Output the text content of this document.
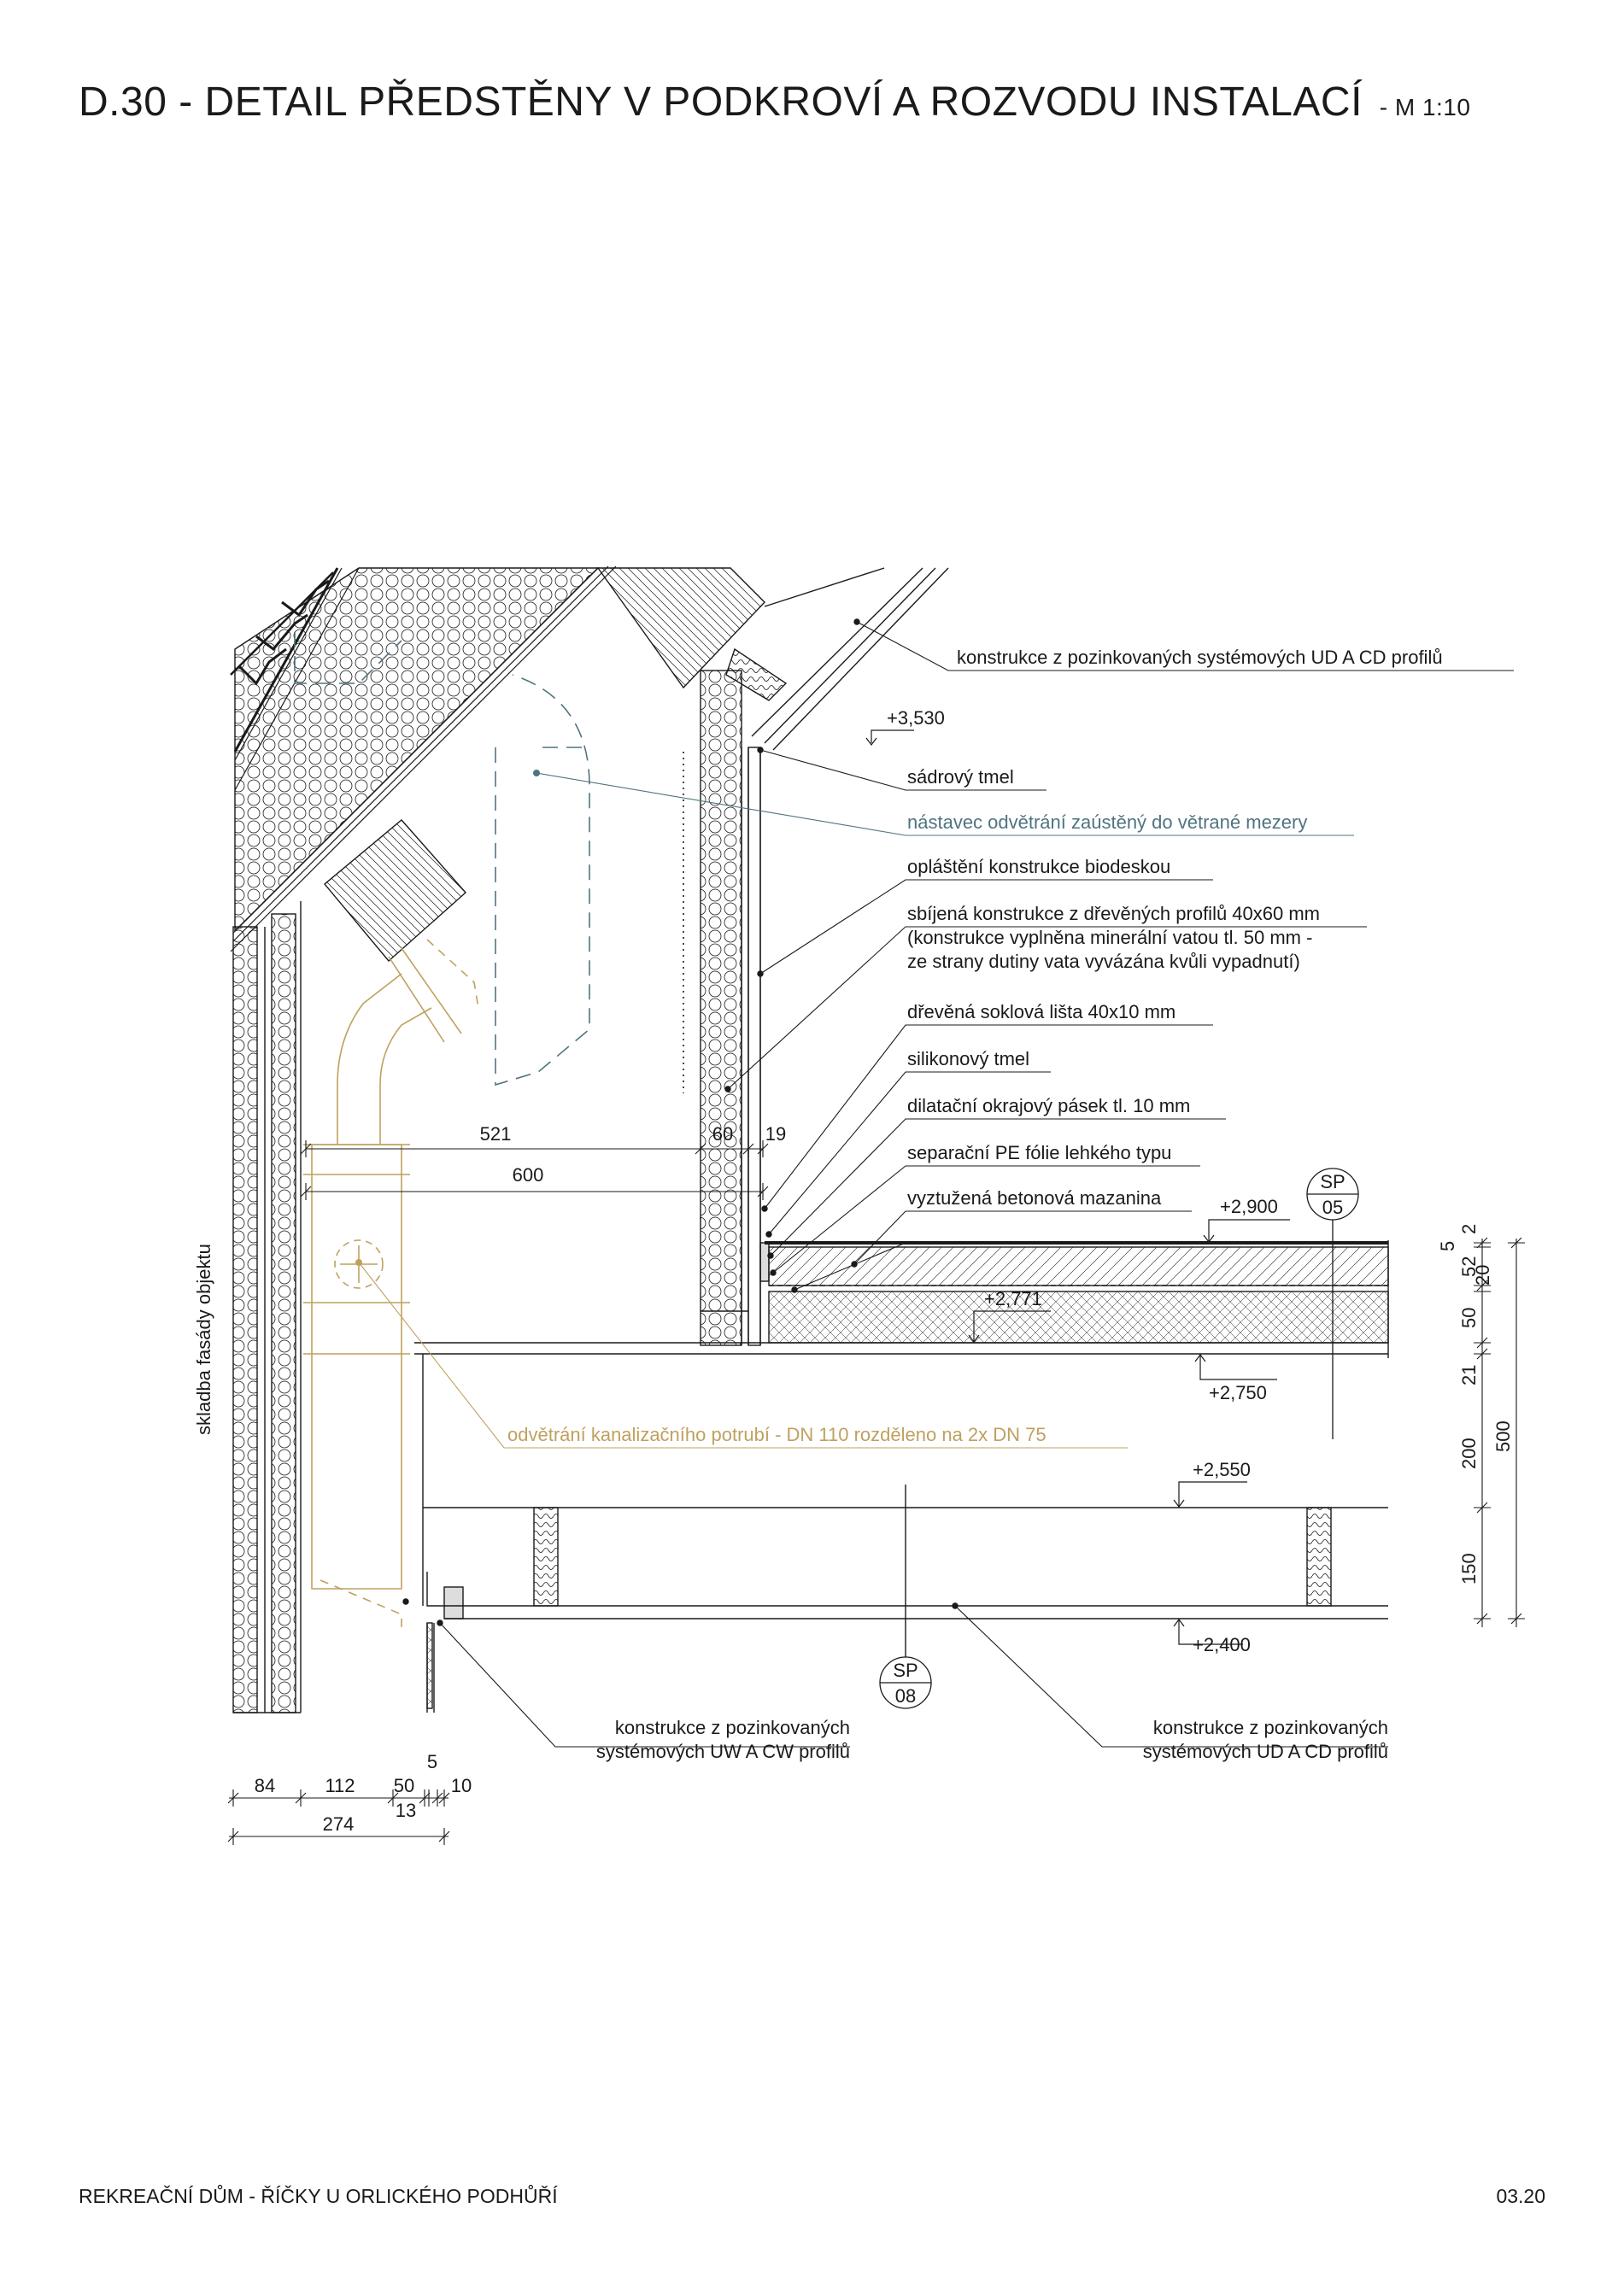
D.30 - DETAIL PŘEDSTĚNY V PODKROVÍ A ROZVODU INSTALACÍ - M 1:10
konstrukce z pozinkovaných systémových UD A CD profilů
sádrový tmel
nástavec odvětrání zaústěný do větrané mezery
opláštění konstrukce biodeskou
sbíjená konstrukce z dřevěných profilů 40x60 mm
(konstrukce vyplněna minerální vatou tl. 50 mm -
ze strany dutiny vata vyvázána kvůli vypadnutí)
dřevěná soklová lišta 40x10 mm
silikonový tmel
dilatační okrajový pásek tl. 10 mm
separační PE fólie lehkého typu
vyztužená betonová mazanina
odvětrání kanalizačního potrubí - DN 110 rozděleno na 2x DN 75
skladba fasády objektu
konstrukce z pozinkovaných
systémových UW A CW profilů
konstrukce z pozinkovaných
systémových UD A CD profilů
+3,530
+2,900
+2,771
+2,750
+2,550
+2,400
SP
05
SP
08
521	60 19
600
84	112 50
5
10
13
274
5
2
52
20
50
21
200
150
500
REKREAČNÍ DŮM - ŘÍČKY U ORLICKÉHO PODHŮŘÍ	03.20
